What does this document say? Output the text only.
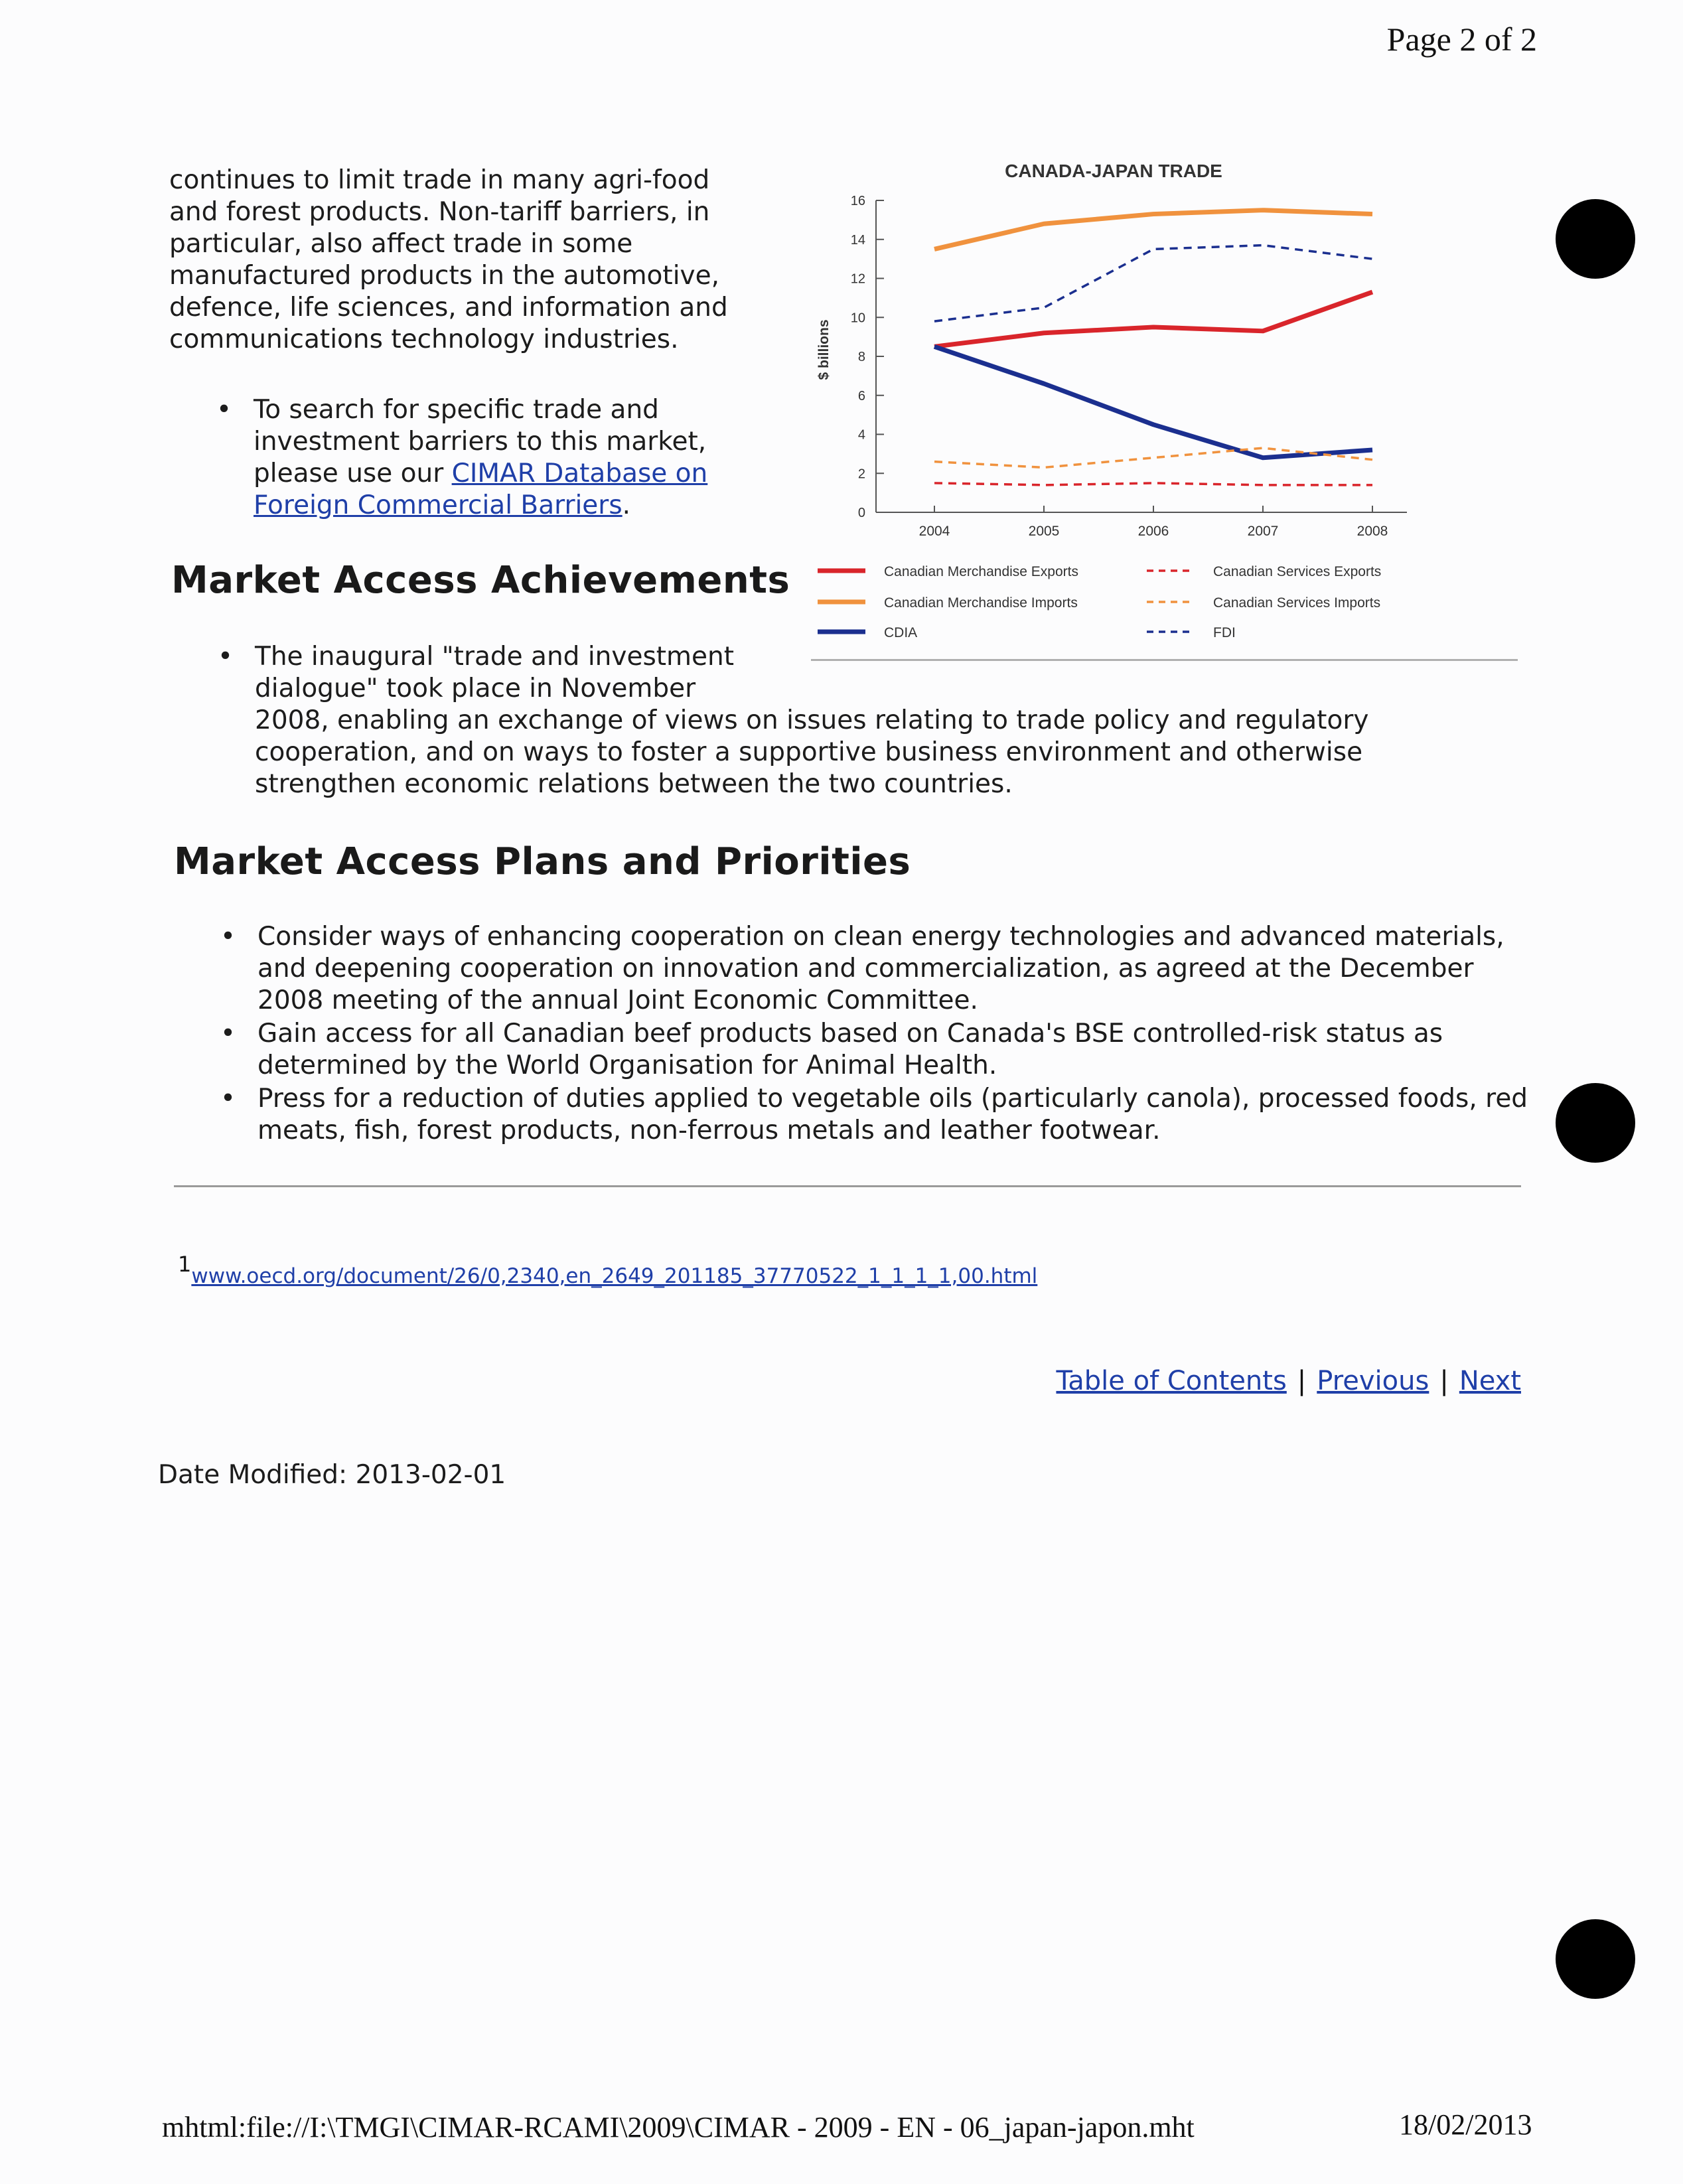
Page 2 of 2
continues to limit trade in many agri-food and forest products. Non-tariff barriers, in particular, also affect trade in some manufactured products in the automotive, defence, life sciences, and information and communications technology industries.
• To search for specific trade and investment barriers to this market, please use our CIMAR Database on Foreign Commercial Barriers.
Market Access Achievements
• The inaugural "trade and investment dialogue" took place in November
2008, enabling an exchange of views on issues relating to trade policy and regulatory cooperation, and on ways to foster a supportive business environment and otherwise strengthen economic relations between the two countries.
CANADA-JAPAN TRADE
0
2
4
6
8
10
12
14
16
2004	2005	2006	2007	2008
$ billions
Canadian Merchandise Exports
Canadian Merchandise Imports
CDIA
Canadian Services Exports
Canadian Services Imports
FDI
Market Access Plans and Priorities
• Consider ways of enhancing cooperation on clean energy technologies and advanced materials, and deepening cooperation on innovation and commercialization, as agreed at the December 2008 meeting of the annual Joint Economic Committee.
• Gain access for all Canadian beef products based on Canada's BSE controlled-risk status as determined by the World Organisation for Animal Health.
• Press for a reduction of duties applied to vegetable oils (particularly canola), processed foods, red meats, fish, forest products, non-ferrous metals and leather footwear.
$^1$www.oecd.org/document/26/0,2340,en_2649_201185_37770522_1_1_1_1,00.html
Table of Contents | Previous | Next
Date Modified: 2013-02-01
mhtml:file://I:\TMGI\CIMAR-RCAMI\2009\CIMAR - 2009 - EN - 06_japan-japon.mht	18/02/2013
